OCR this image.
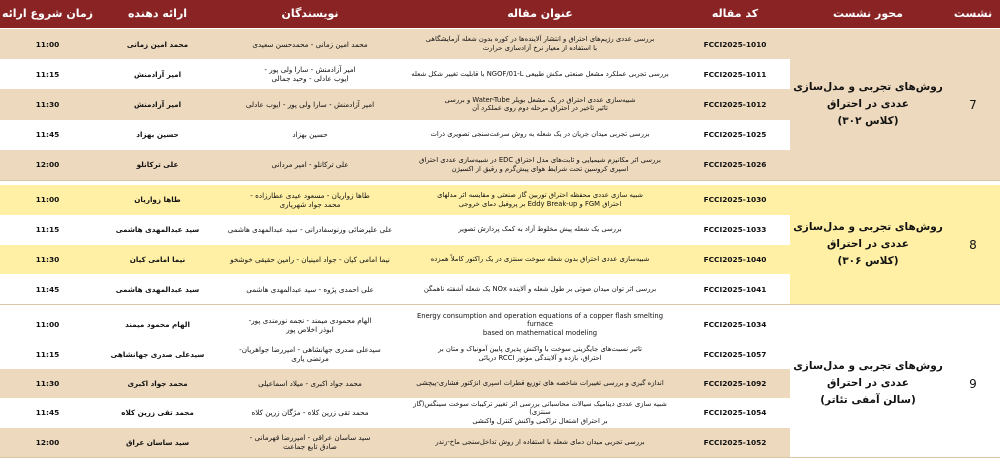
نشست
محور نشست
کد مقاله
عنوان مقاله
نویسندگان
ارائه دهنده
زمان شروع ارائه
7
روش‌های تجربی و مدل‌سازی
عددی در احتراق
(کلاس ۳۰۲)
FCCI2025-1010
بررسی عددی رژیم‌های احتراق و انتشار آلاینده‌ها در کوره بدون شعله آزمایشگاهی
با استفاده از معیار نرخ آزادسازی حرارت
محمد امین زمانی - محمدحسن سعیدی
محمد امین زمانی
11:00
FCCI2025-1011
بررسی تجربی عملکرد مشعل صنعتی مکش طبیعی NGOF/01-L با قابلیت تغییر شکل شعله
امیر آزادمنش - سارا ولی پور -
ایوب عادلی - وحید جمالی
امیر آزادمنش
11:15
FCCI2025-1012
شبیه‌سازی عددی احتراق در یک مشعل بویلر Water-Tube و بررسی
تاثیر تاخیر در احتراق مرحله دوم روی عملکرد آن
امیر آزادمنش - سارا ولی پور - ایوب عادلی
امیر آزادمنش
11:30
FCCI2025-1025
بررسی تجربی میدان جریان در یک شعله به روش سرعت‌سنجی تصویری ذرات
حسین بهزاد
حسین بهزاد
11:45
FCCI2025-1026
بررسی اثر مکانیزم شیمیایی و ثابت‌های مدل احتراق EDC در شبیه‌سازی عددی احتراق
اسپری کروسین تحت شرایط هوای پیش‌گرم و رقیق از اکسیژن
علی ترکانلو - امیر مردانی
علی ترکانلو
12:00
8
روش‌های تجربی و مدل‌سازی
عددی در احتراق
(کلاس ۳۰۶)
FCCI2025-1030
شبیه سازی عددی محفظه احتراق توربین گاز صنعتی و مقایسه اثر مدلهای
احتراق FGM و Eddy Break-up بر پروفیل دمای خروجی
طاها زواریان - مسعود عیدی عطارزاده -
محمد جواد شهریاری
طاها زواریان
11:00
FCCI2025-1033
بررسی یک شعله پیش مخلوط آزاد به کمک پردازش تصویر
علی علیرضائی ورنوسفادرانی - سید عبدالمهدی هاشمی
سید عبدالمهدی هاشمی
11:15
FCCI2025-1040
شبیه‌سازی عددی احتراق بدون شعله سوخت سنتزی در یک راکتور کاملاً همزده
نیما امامی کیان - جواد امینیان - رامین حقیقی خوشخو
نیما امامی کیان
11:30
FCCI2025-1041
بررسی اثر توان میدان صوتی بر طول شعله و آلاینده NOx یک شعله آشفته ناهمگن
علی احمدی پژوه - سید عبدالمهدی هاشمی
سید عبدالمهدی هاشمی
11:45
9
روش‌های تجربی و مدل‌سازی
عددی در احتراق
(سالن آمفی تئاتر)
FCCI2025-1034
Energy consumption and operation equations of a copper flash smelting furnace
based on mathematical modeling
الهام محمودی میمند - نجمه نورمندی پور-
ابوذر اخلاص پور
الهام محمود میمند
11:00
FCCI2025-1057
تاثیر نسبت‌های جایگزینی سوخت با واکنش پذیری پایین آمونیاک و متان بر
احتراق، بازده و آلایندگی موتور RCCI دریائی
سیدعلی صدری جهانشاهی - امیررضا جواهریان-
مرتضی یاری
سیدعلی صدری جهانشاهی
11:15
FCCI2025-1092
اندازه گیری و بررسی تغییرات شاخصه های توزیع قطرات اسپری انژکتور فشاری-پیچشی
محمد جواد اکبری - میلاد اسماعیلی
محمد جواد اکبری
11:30
FCCI2025-1054
شبیه سازی عددی دینامیک سیالات محاسباتی بررسی اثر تغییر ترکیبات سوخت سینگس(گاز سنتزی)
بر احتراق اشتعال تراکمی واکنش کنترل واکنشی
محمد تقی زرین کلاه - مژگان زرین کلاه
محمد تقی زرین کلاه
11:45
FCCI2025-1052
بررسی تجربی میدان دمای شعله با استفاده از روش تداخل‌سنجی ماخ-زندر
سید ساسان عراقی - امیررضا قهرمانی -
صادق تابع جماعت
سید ساسان عراق
12:00
